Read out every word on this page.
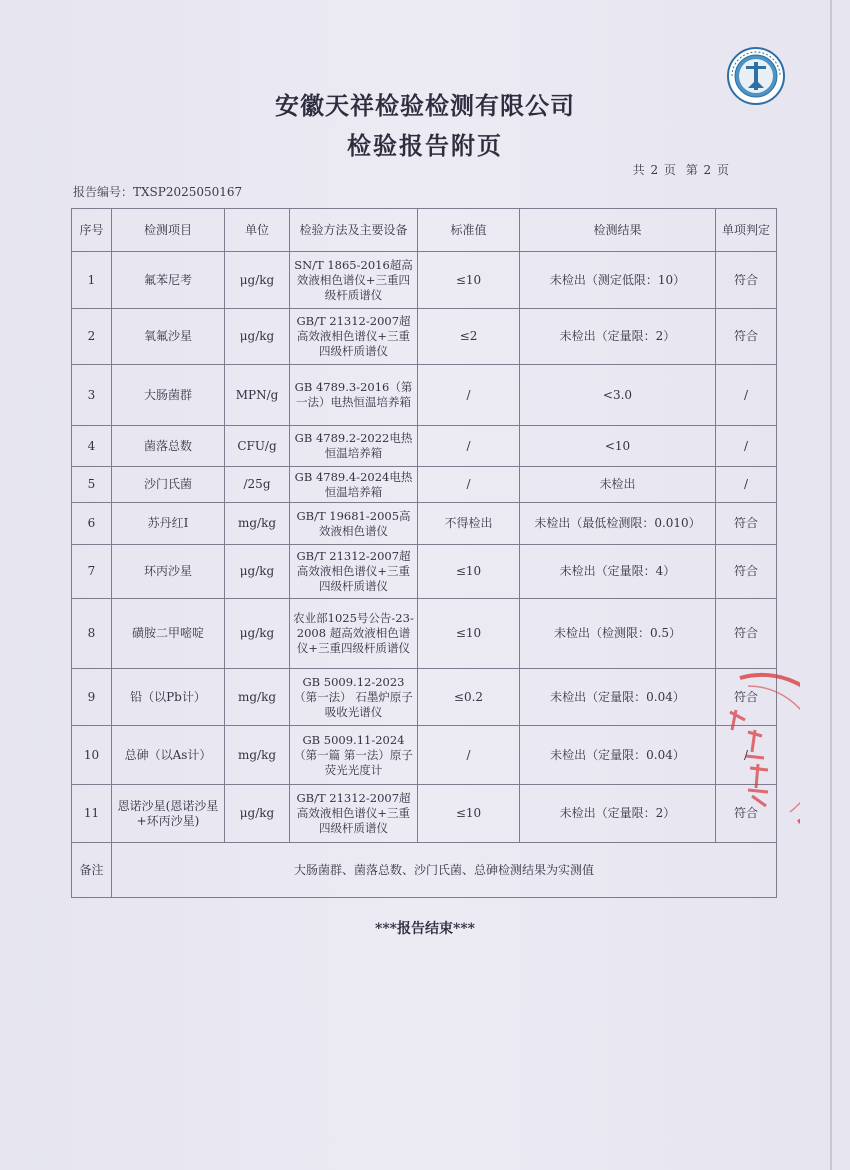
安徽天祥检验检测有限公司
检验报告附页
共 2 页 第 2 页
报告编号：TXSP2025050167
序号	检测项目	单位	检验方法及主要设备	标准值	检测结果	单项判定
1	氟苯尼考	μg/kg	SN/T 1865-2016超高效液相色谱仪+三重四级杆质谱仪	≤10	未检出（测定低限：10）	符合
2	氧氟沙星	μg/kg	GB/T 21312-2007超高效液相色谱仪+三重四级杆质谱仪	≤2	未检出（定量限：2）	符合
3	大肠菌群	MPN/g	GB 4789.3-2016（第一法）电热恒温培养箱	/	<3.0	/
4	菌落总数	CFU/g	GB 4789.2-2022电热恒温培养箱	/	<10	/
5	沙门氏菌	/25g	GB 4789.4-2024电热恒温培养箱	/	未检出	/
6	苏丹红Ⅰ	mg/kg	GB/T 19681-2005高效液相色谱仪	不得检出	未检出（最低检测限：0.010）	符合
7	环丙沙星	μg/kg	GB/T 21312-2007超高效液相色谱仪+三重四级杆质谱仪	≤10	未检出（定量限：4）	符合
8	磺胺二甲嘧啶	μg/kg	农业部1025号公告-23-2008 超高效液相色谱仪+三重四级杆质谱仪	≤10	未检出（检测限：0.5）	符合
9	铅（以Pb计）	mg/kg	GB 5009.12-2023（第一法） 石墨炉原子吸收光谱仪	≤0.2	未检出（定量限：0.04）	符合
10	总砷（以As计）	mg/kg	GB 5009.11-2024（第一篇 第一法）原子荧光光度计	/	未检出（定量限：0.04）	/
11	恩诺沙星(恩诺沙星+环丙沙星)	μg/kg	GB/T 21312-2007超高效液相色谱仪+三重四级杆质谱仪	≤10	未检出（定量限：2）	符合
备注	大肠菌群、菌落总数、沙门氏菌、总砷检测结果为实测值					
***报告结束***
